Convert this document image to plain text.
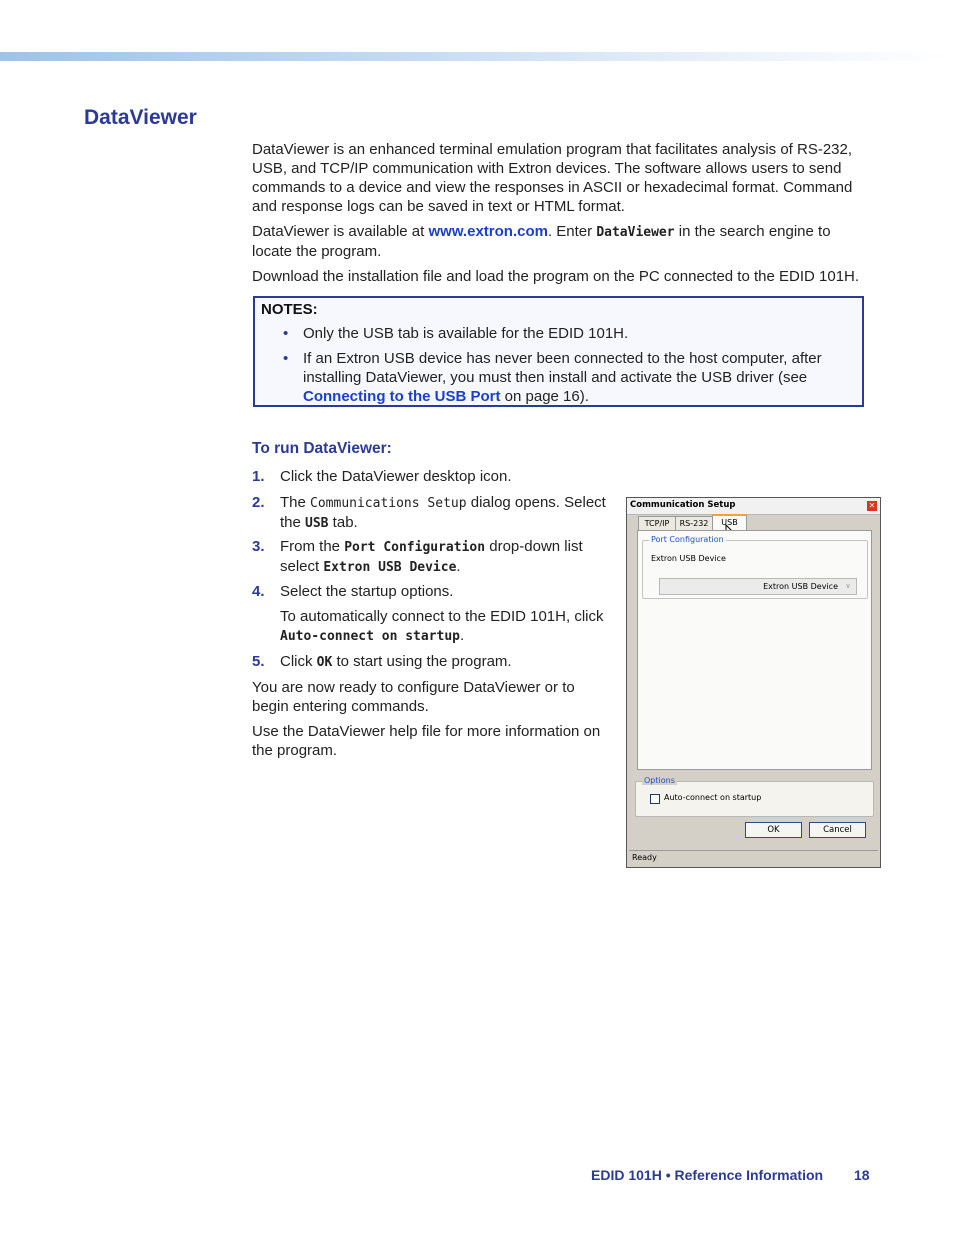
DataViewer

DataViewer is an enhanced terminal emulation program that facilitates analysis of RS-232, USB, and TCP/IP communication with Extron devices. The software allows users to send commands to a device and view the responses in ASCII or hexadecimal format. Command and response logs can be saved in text or HTML format.

DataViewer is available at www.extron.com. Enter DataViewer in the search engine to locate the program.

Download the installation file and load the program on the PC connected to the EDID 101H.

NOTES:
• Only the USB tab is available for the EDID 101H.
• If an Extron USB device has never been connected to the host computer, after installing DataViewer, you must then install and activate the USB driver (see Connecting to the USB Port on page 16).
To run DataViewer:
1. Click the DataViewer desktop icon.
2. The Communications Setup dialog opens. Select the USB tab.
3. From the Port Configuration drop-down list select Extron USB Device.
4. Select the startup options.
To automatically connect to the EDID 101H, click Auto-connect on startup.
5. Click OK to start using the program.
You are now ready to configure DataViewer or to begin entering commands.
Use the DataViewer help file for more information on the program.
Communication Setup	✕
TCP/IP	RS-232	USB
Port Configuration
Extron USB Device
Extron USB Device	∨
Options
Auto-connect on startup
OK	Cancel
Ready
EDID 101H • Reference Information 18
